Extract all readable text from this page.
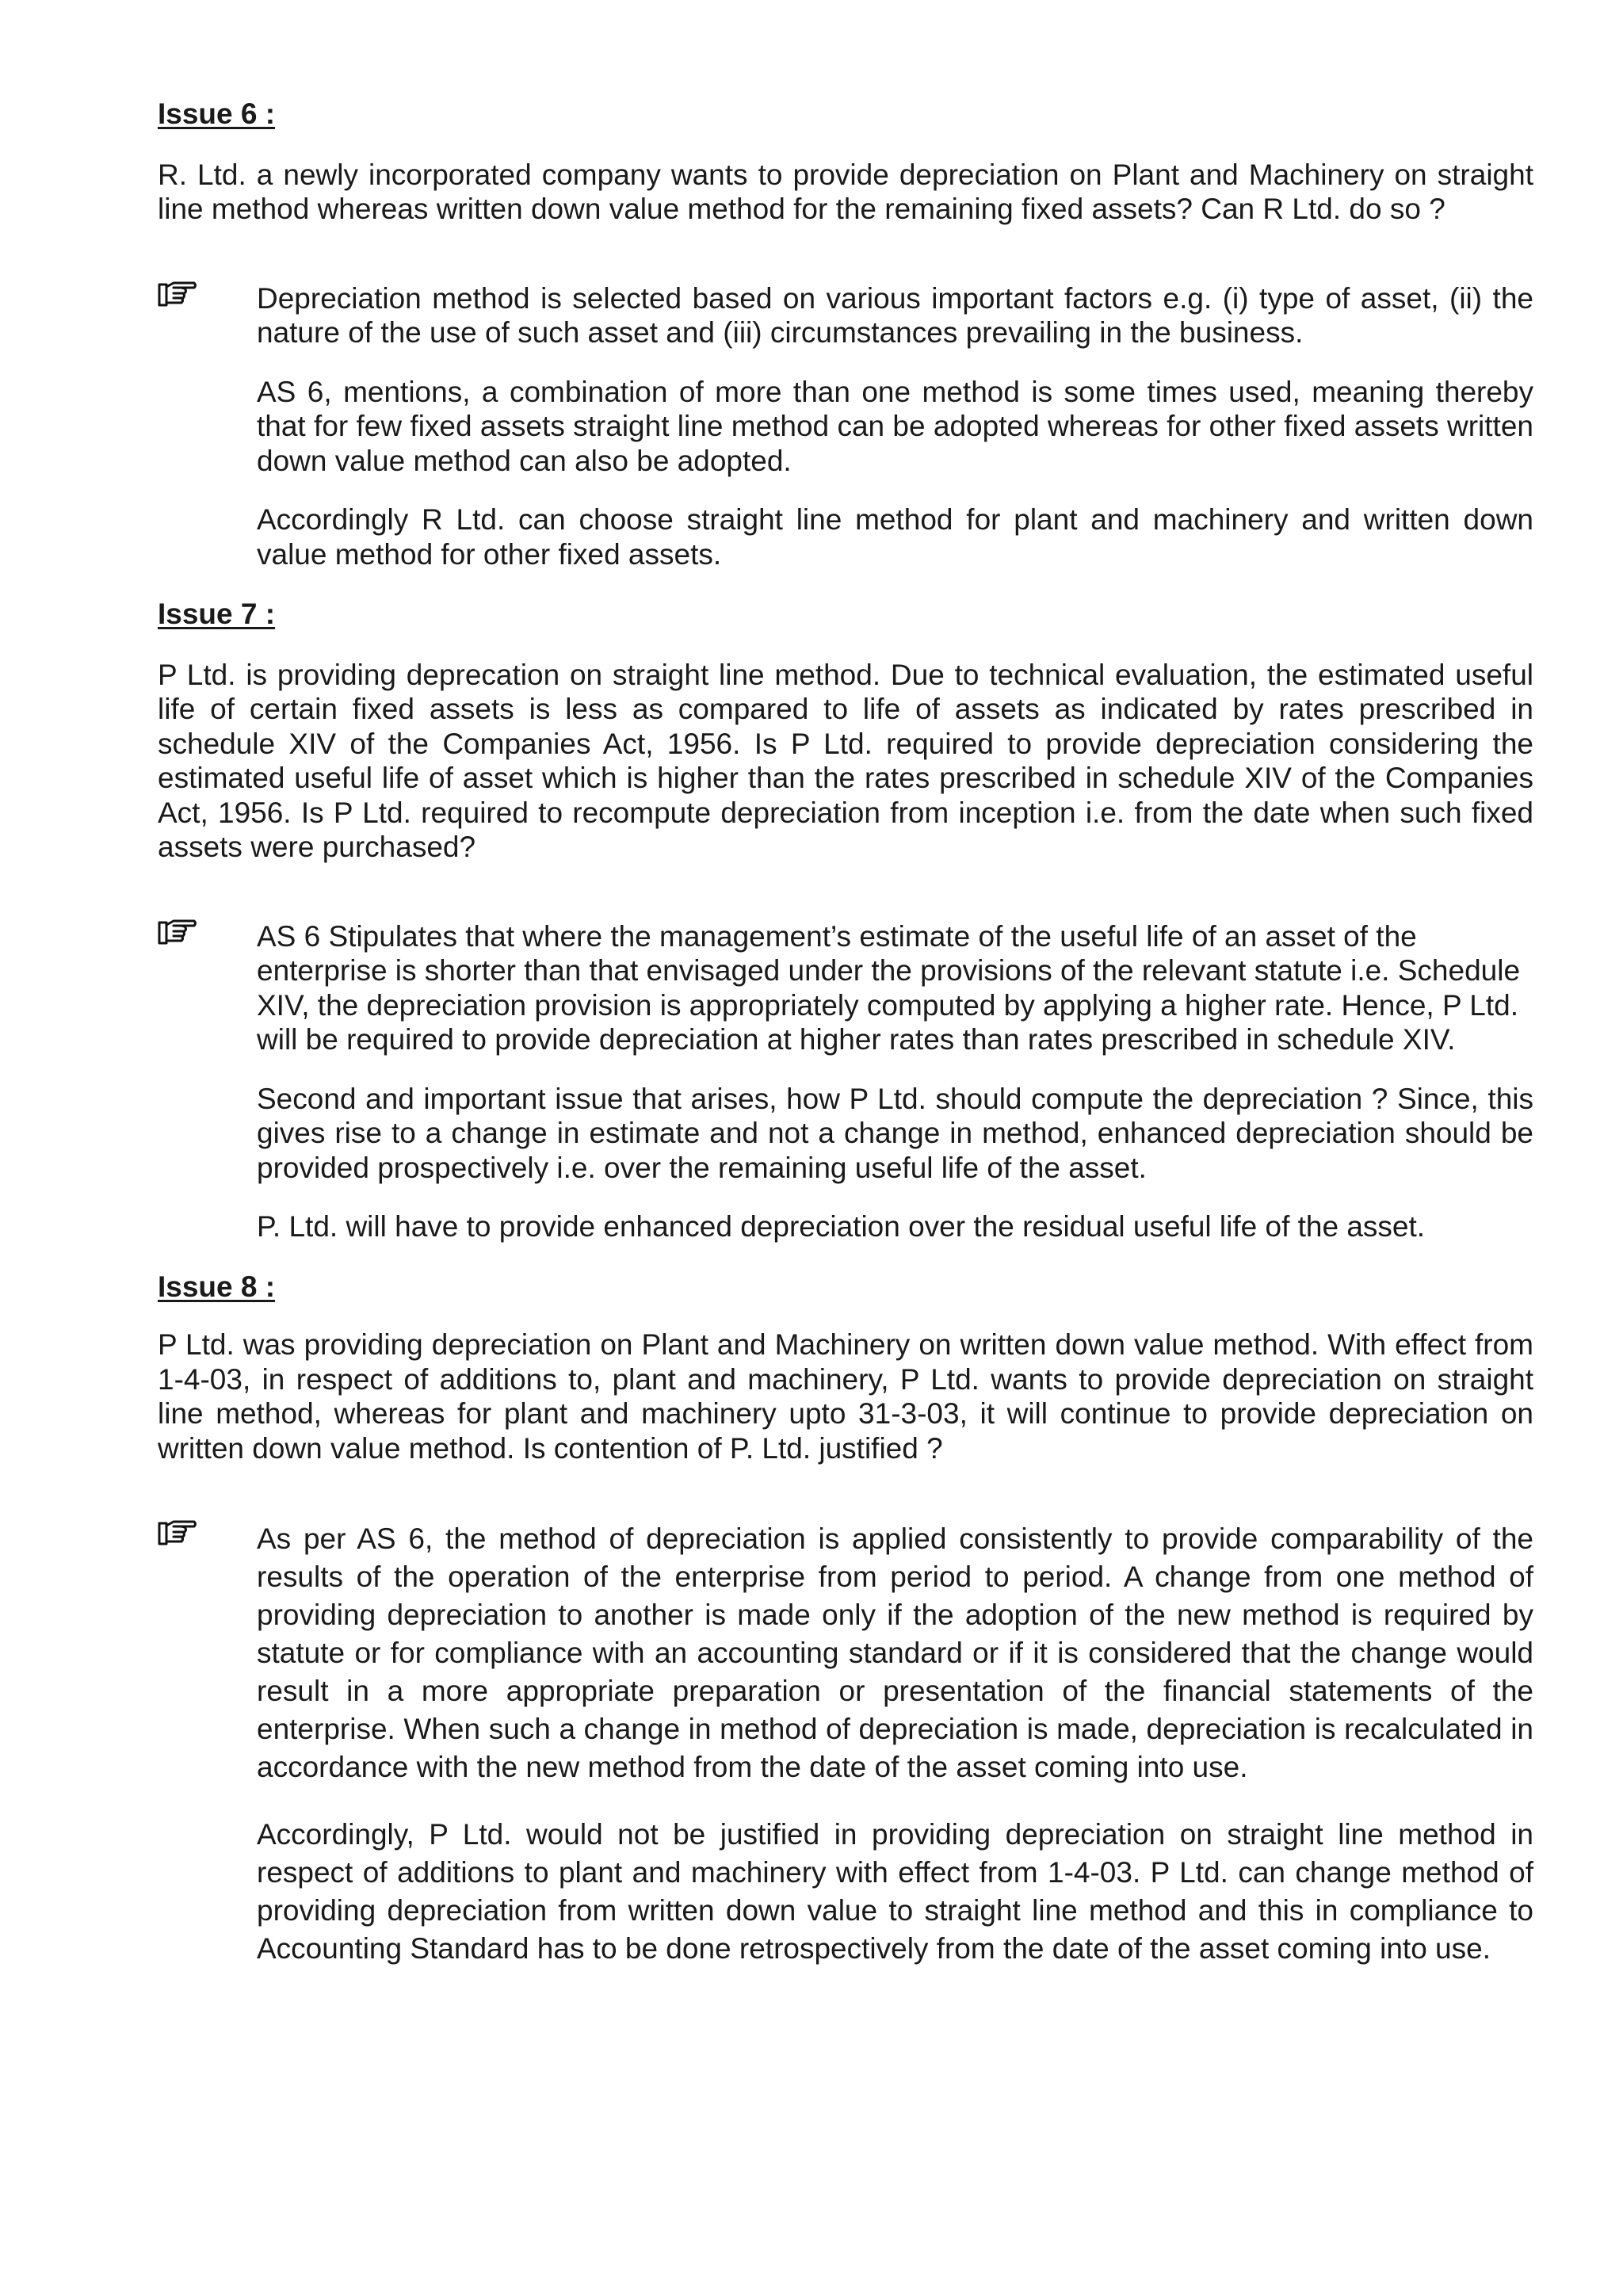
Issue 6 :

R. Ltd. a newly incorporated company wants to provide depreciation on Plant and Machinery on straight line method whereas written down value method for the remaining fixed assets? Can R Ltd. do so ?

Depreciation method is selected based on various important factors e.g. (i) type of asset, (ii) the nature of the use of such asset and (iii) circumstances prevailing in the business.

AS 6, mentions, a combination of more than one method is some times used, meaning thereby that for few fixed assets straight line method can be adopted whereas for other fixed assets written down value method can also be adopted.

Accordingly R Ltd. can choose straight line method for plant and machinery and written down value method for other fixed assets.

Issue 7 :

P Ltd. is providing deprecation on straight line method. Due to technical evaluation, the estimated useful life of certain fixed assets is less as compared to life of assets as indicated by rates prescribed in schedule XIV of the Companies Act, 1956. Is P Ltd. required to provide depreciation considering the estimated useful life of asset which is higher than the rates prescribed in schedule XIV of the Companies Act, 1956. Is P Ltd. required to recompute depreciation from inception i.e. from the date when such fixed assets were purchased?

AS 6 Stipulates that where the management’s estimate of the useful life of an asset of the enterprise is shorter than that envisaged under the provisions of the relevant statute i.e. Schedule XIV, the depreciation provision is appropriately computed by applying a higher rate. Hence, P Ltd. will be required to provide depreciation at higher rates than rates prescribed in schedule XIV.

Second and important issue that arises, how P Ltd. should compute the depreciation ? Since, this gives rise to a change in estimate and not a change in method, enhanced depreciation should be provided prospectively i.e. over the remaining useful life of the asset.

P. Ltd. will have to provide enhanced depreciation over the residual useful life of the asset.

Issue 8 :

P Ltd. was providing depreciation on Plant and Machinery on written down value method. With effect from 1-4-03, in respect of additions to, plant and machinery, P Ltd. wants to provide depreciation on straight line method, whereas for plant and machinery upto 31-3-03, it will continue to provide depreciation on written down value method. Is contention of P. Ltd. justified ?

As per AS 6, the method of depreciation is applied consistently to provide comparability of the results of the operation of the enterprise from period to period. A change from one method of providing depreciation to another is made only if the adoption of the new method is required by statute or for compliance with an accounting standard or if it is considered that the change would result in a more appropriate preparation or presentation of the financial statements of the enterprise. When such a change in method of depreciation is made, depreciation is recalculated in accordance with the new method from the date of the asset coming into use.

Accordingly, P Ltd. would not be justified in providing depreciation on straight line method in respect of additions to plant and machinery with effect from 1-4-03. P Ltd. can change method of providing depreciation from written down value to straight line method and this in compliance to Accounting Standard has to be done retrospectively from the date of the asset coming into use.
